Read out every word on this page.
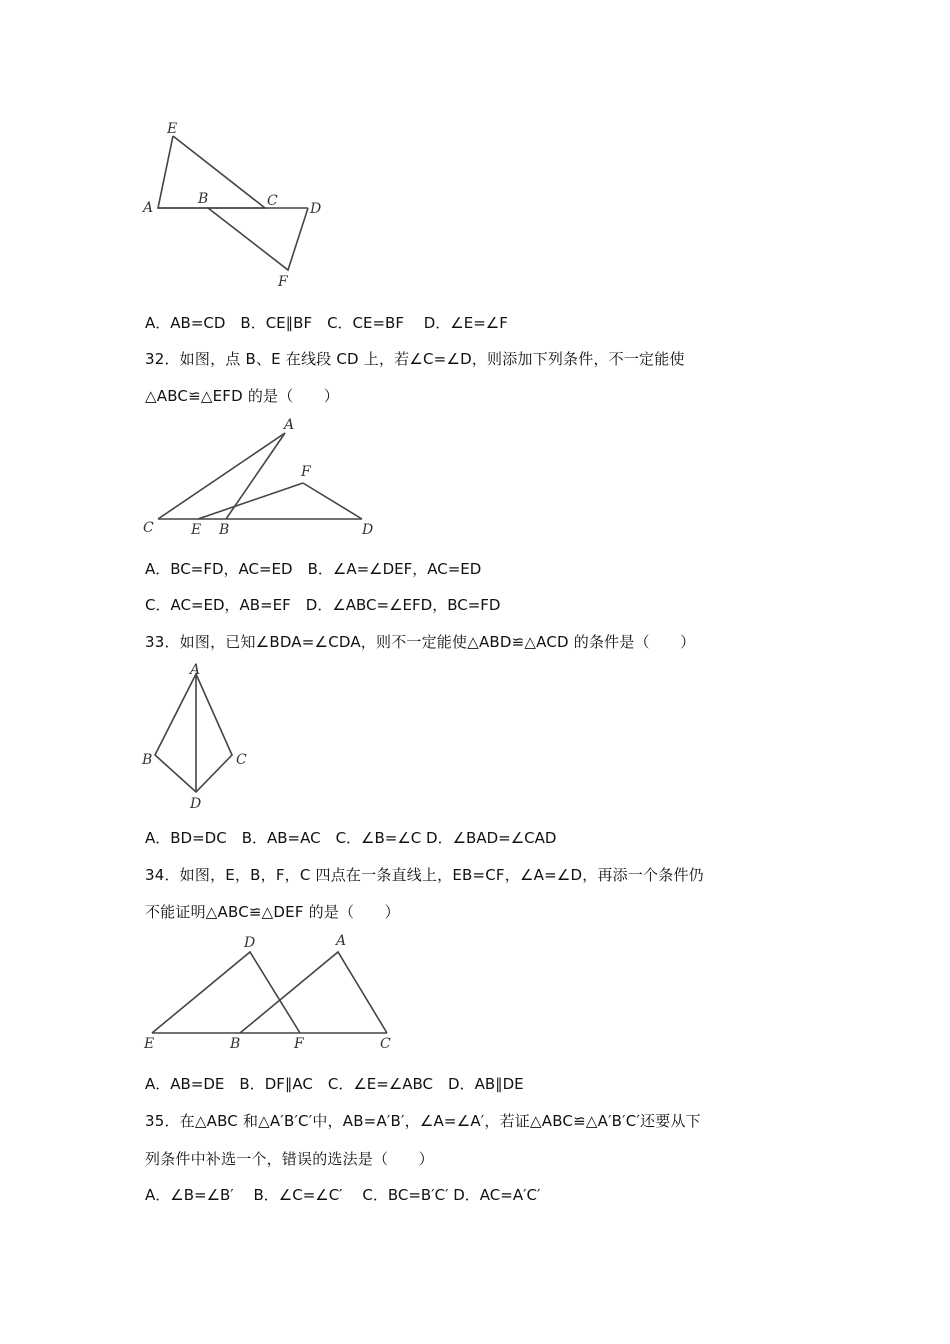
E
A
B	C D
F
A．AB=CD　B．CE∥BF　C．CE=BF　 D．∠E=∠F
32．如图，点 B、E 在线段 CD 上，若∠C=∠D，则添加下列条件，不一定能使
△ABC≌△EFD 的是（　　）
A
F
C	E B	D
A．BC=FD，AC=ED　B．∠A=∠DEF，AC=ED
C．AC=ED，AB=EF　D．∠ABC=∠EFD，BC=FD
33．如图，已知∠BDA=∠CDA，则不一定能使△ABD≌△ACD 的条件是（　　）
A
B	C
D
A．BD=DC　B．AB=AC　C．∠B=∠C D．∠BAD=∠CAD
34．如图，E，B，F，C 四点在一条直线上，EB=CF，∠A=∠D，再添一个条件仍
不能证明△ABC≌△DEF 的是（　　）
D	A
E	B	F	C
A．AB=DE　B．DF∥AC　C．∠E=∠ABC　D．AB∥DE
35．在△ABC 和△A′B′C′中，AB=A′B′，∠A=∠A′，若证△ABC≌△A′B′C′还要从下
列条件中补选一个，错误的选法是（　　）
A．∠B=∠B′　 B．∠C=∠C′　 C．BC=B′C′ D．AC=A′C′
